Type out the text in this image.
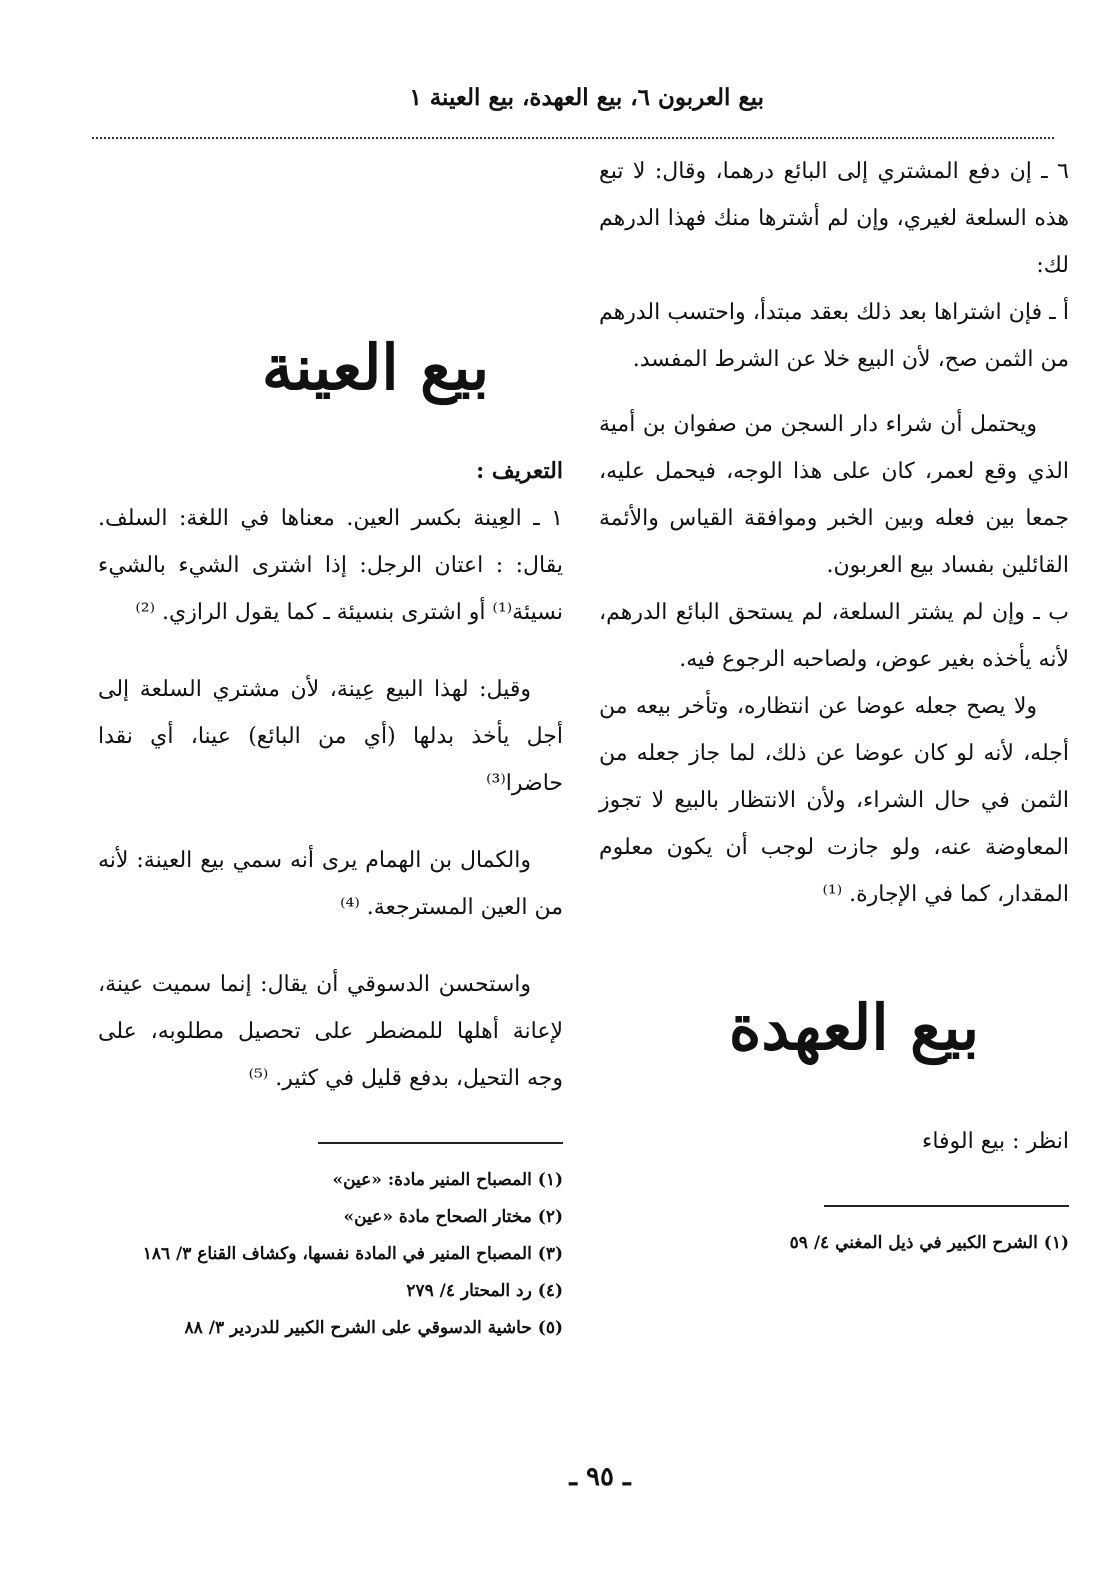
بيع العربون ٦، بيع العهدة، بيع العينة ١

٦ ـ إن دفع المشتري إلى البائع درهما، وقال: لا تبع هذه السلعة لغيري، وإن لم أشترها منك فهذا الدرهم لك:

أ ـ فإن اشتراها بعد ذلك بعقد مبتدأ، واحتسب الدرهم من الثمن صح، لأن البيع خلا عن الشرط المفسد.

ويحتمل أن شراء دار السجن من صفوان بن أمية الذي وقع لعمر، كان على هذا الوجه، فيحمل عليه، جمعا بين فعله وبين الخبر وموافقة القياس والأئمة القائلين بفساد بيع العربون.

ب ـ وإن لم يشتر السلعة، لم يستحق البائع الدرهم، لأنه يأخذه بغير عوض، ولصاحبه الرجوع فيه.

ولا يصح جعله عوضا عن انتظاره، وتأخر بيعه من أجله، لأنه لو كان عوضا عن ذلك، لما جاز جعله من الثمن في حال الشراء، ولأن الانتظار بالبيع لا تجوز المعاوضة عنه، ولو جازت لوجب أن يكون معلوم المقدار، كما في الإجارة. ⁽¹⁾

بيع العهدة

انظر : بيع الوفاء

(١) الشرح الكبير في ذيل المغني ٤/ ٥٩
بيع العينة
التعريف :

١ ـ العِينة بكسر العين. معناها في اللغة: السلف. يقال: : اعتان الرجل: إذا اشترى الشيء بالشيء نسيئة⁽¹⁾ أو اشترى بنسيئة ـ كما يقول الرازي. ⁽²⁾

وقيل: لهذا البيع عِينة، لأن مشتري السلعة إلى أجل يأخذ بدلها (أي من البائع) عينا، أي نقدا حاضرا⁽³⁾

والكمال بن الهمام يرى أنه سمي بيع العينة: لأنه من العين المسترجعة. ⁽⁴⁾

واستحسن الدسوقي أن يقال: إنما سميت عينة، لإعانة أهلها للمضطر على تحصيل مطلوبه، على وجه التحيل، بدفع قليل في كثير. ⁽⁵⁾

(١) المصباح المنير مادة: «عين»
(٢) مختار الصحاح مادة «عين»
(٣) المصباح المنير في المادة نفسها، وكشاف القناع ٣/ ١٨٦
(٤) رد المحتار ٤/ ٢٧٩
(٥) حاشية الدسوقي على الشرح الكبير للدردير ٣/ ٨٨
ـ ٩٥ ـ
